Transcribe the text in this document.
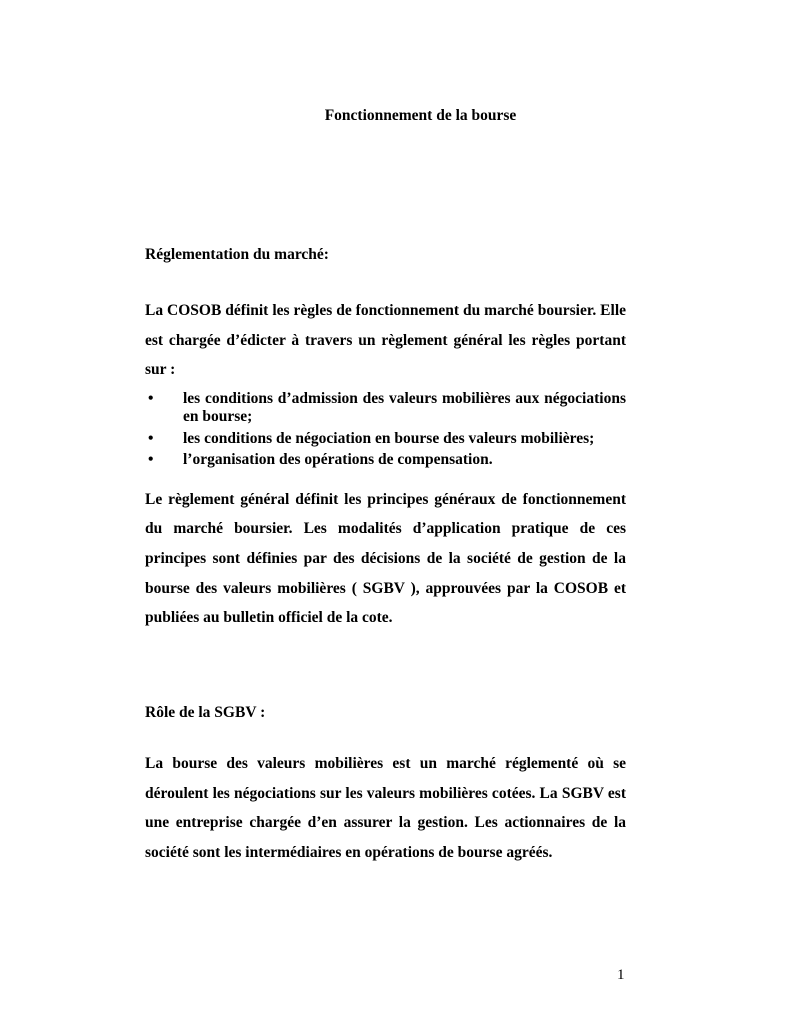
Fonctionnement de la bourse
Réglementation du marché:

La COSOB définit les règles de fonctionnement du marché boursier. Elle est chargée d’édicter à travers un règlement général les règles portant sur :

• les conditions d’admission des valeurs mobilières aux négociations en bourse;
• les conditions de négociation en bourse des valeurs mobilières;
• l’organisation des opérations de compensation.

Le règlement général définit les principes généraux de fonctionnement du marché boursier. Les modalités d’application pratique de ces principes sont définies par des décisions de la société de gestion de la bourse des valeurs mobilières ( SGBV ), approuvées par la COSOB et publiées au bulletin officiel de la cote.

Rôle de la SGBV :

La bourse des valeurs mobilières est un marché réglementé où se déroulent les négociations sur les valeurs mobilières cotées. La SGBV est une entreprise chargée d’en assurer la gestion. Les actionnaires de la société sont les intermédiaires en opérations de bourse agréés.

1
